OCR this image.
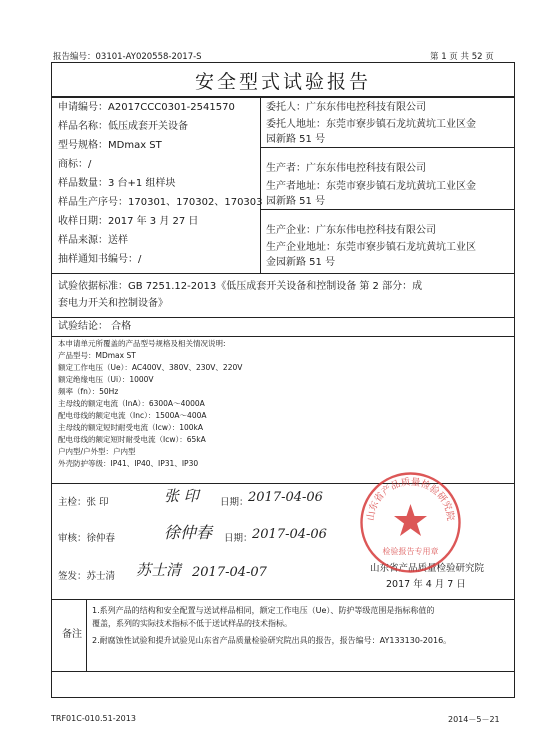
报告编号：03101-AY020558-2017-S	第 1 页 共 52 页
安全型式试验报告
申请编号：A2017CCC0301-2541570
样品名称：低压成套开关设备
型号规格：MDmax ST
商标：/
样品数量：3 台+1 组样块
样品生产序号：170301、170302、170303
收样日期：2017 年 3 月 27 日
样品来源：送样
抽样通知书编号：/
委托人：广东东伟电控科技有限公司
委托人地址：东莞市寮步镇石龙坑黄坑工业区金
园新路 51 号
生产者：广东东伟电控科技有限公司
生产者地址：东莞市寮步镇石龙坑黄坑工业区金
园新路 51 号
生产企业：广东东伟电控科技有限公司
生产企业地址：东莞市寮步镇石龙坑黄坑工业区
金园新路 51 号
试验依据标准：GB 7251.12-2013《低压成套开关设备和控制设备 第 2 部分：成
套电力开关和控制设备》
试验结论： 合格
本申请单元所覆盖的产品型号规格及相关情况说明:
产品型号：MDmax ST
额定工作电压（Ue）：AC400V、380V、230V、220V
额定绝缘电压（Ui）：1000V
频率（fn）：50Hz
主母线的额定电流（InA）：6300A～4000A
配电母线的额定电流（Inc）：1500A～400A
主母线的额定短时耐受电流（Icw）：100kA
配电母线的额定短时耐受电流（Icw）：65kA
户内型/户外型：户内型
外壳防护等级：IP41、IP40、IP31、IP30
主检：张 印	张 印 日期： 2017-04-06
审核：徐仲春	徐仲春 日期： 2017-04-06
签发：苏士清 苏士清 2017-04-07	山东省产品质量检验研究院
2017 年 4 月 7 日
备注
1.系列产品的结构和安全配置与送试样品相同，额定工作电压（Ue）、防护等级范围是指标称值的
覆盖，系列的实际技术指标不低于送试样品的技术指标。
2.耐腐蚀性试验和提升试验见山东省产品质量检验研究院出具的报告，报告编号：AY133130-2016。
山东省产品质量检验研究院
检验报告专用章
TRF01C-010.51-2013	2014－5－21
